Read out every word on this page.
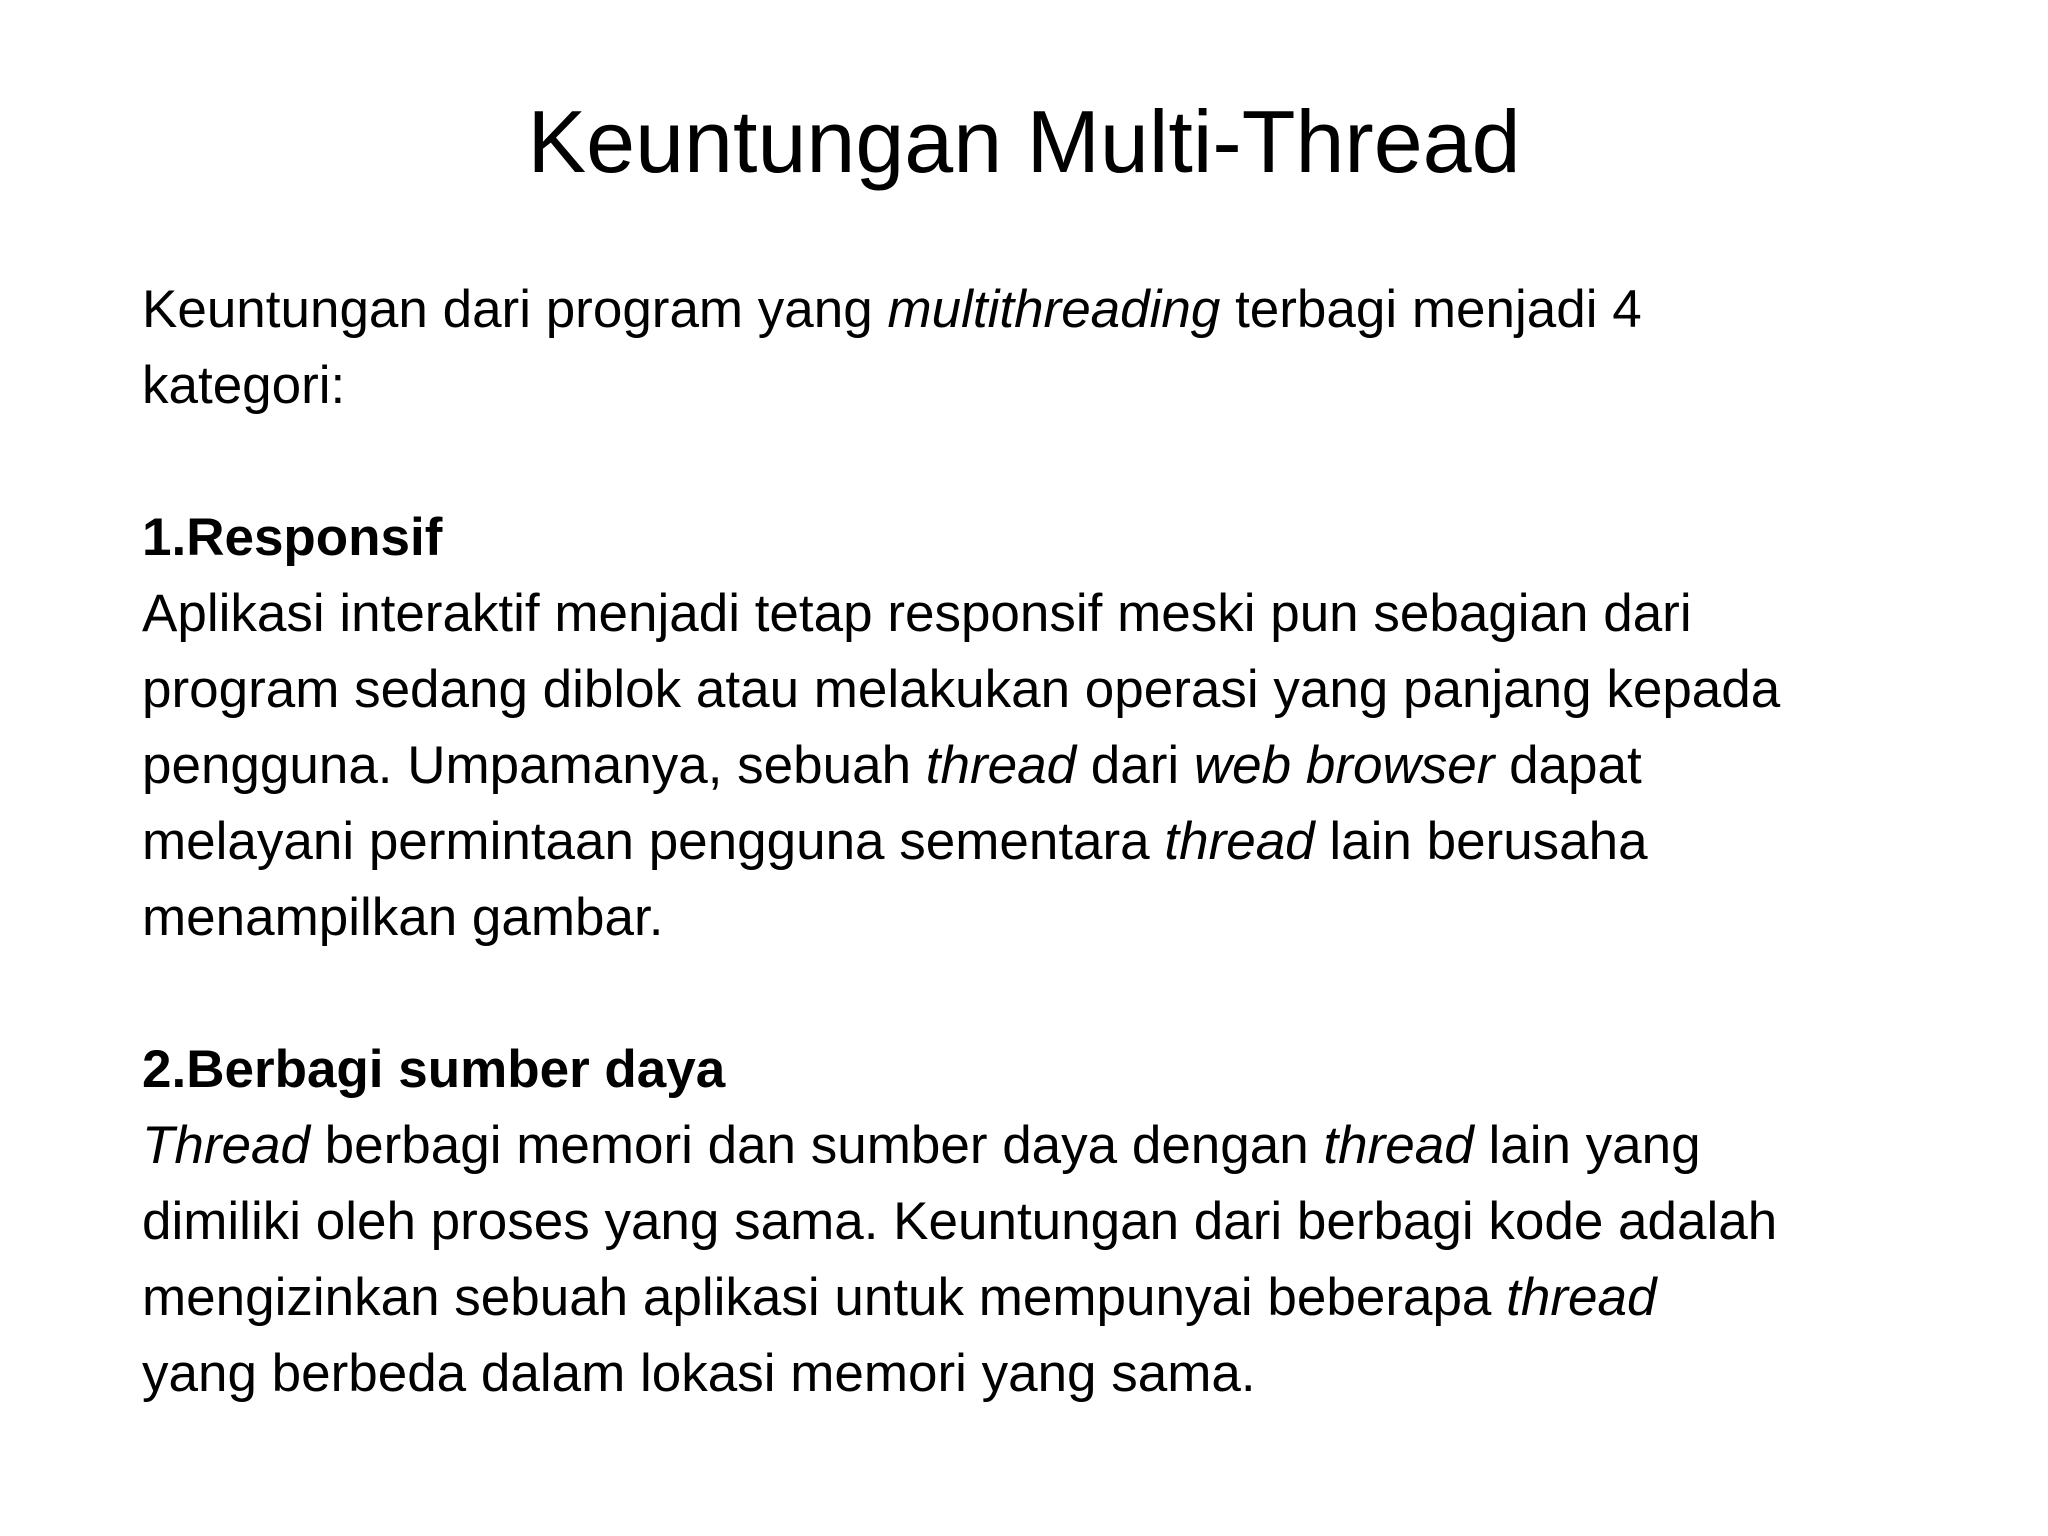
Keuntungan Multi-Thread

Keuntungan dari program yang multithreading terbagi menjadi 4
kategori:

1.Responsif

Aplikasi interaktif menjadi tetap responsif meski pun sebagian dari
program sedang diblok atau melakukan operasi yang panjang kepada
pengguna. Umpamanya, sebuah thread dari web browser dapat
melayani permintaan pengguna sementara thread lain berusaha
menampilkan gambar.

2.Berbagi sumber daya

Thread berbagi memori dan sumber daya dengan thread lain yang
dimiliki oleh proses yang sama. Keuntungan dari berbagi kode adalah
mengizinkan sebuah aplikasi untuk mempunyai beberapa thread
yang berbeda dalam lokasi memori yang sama.
